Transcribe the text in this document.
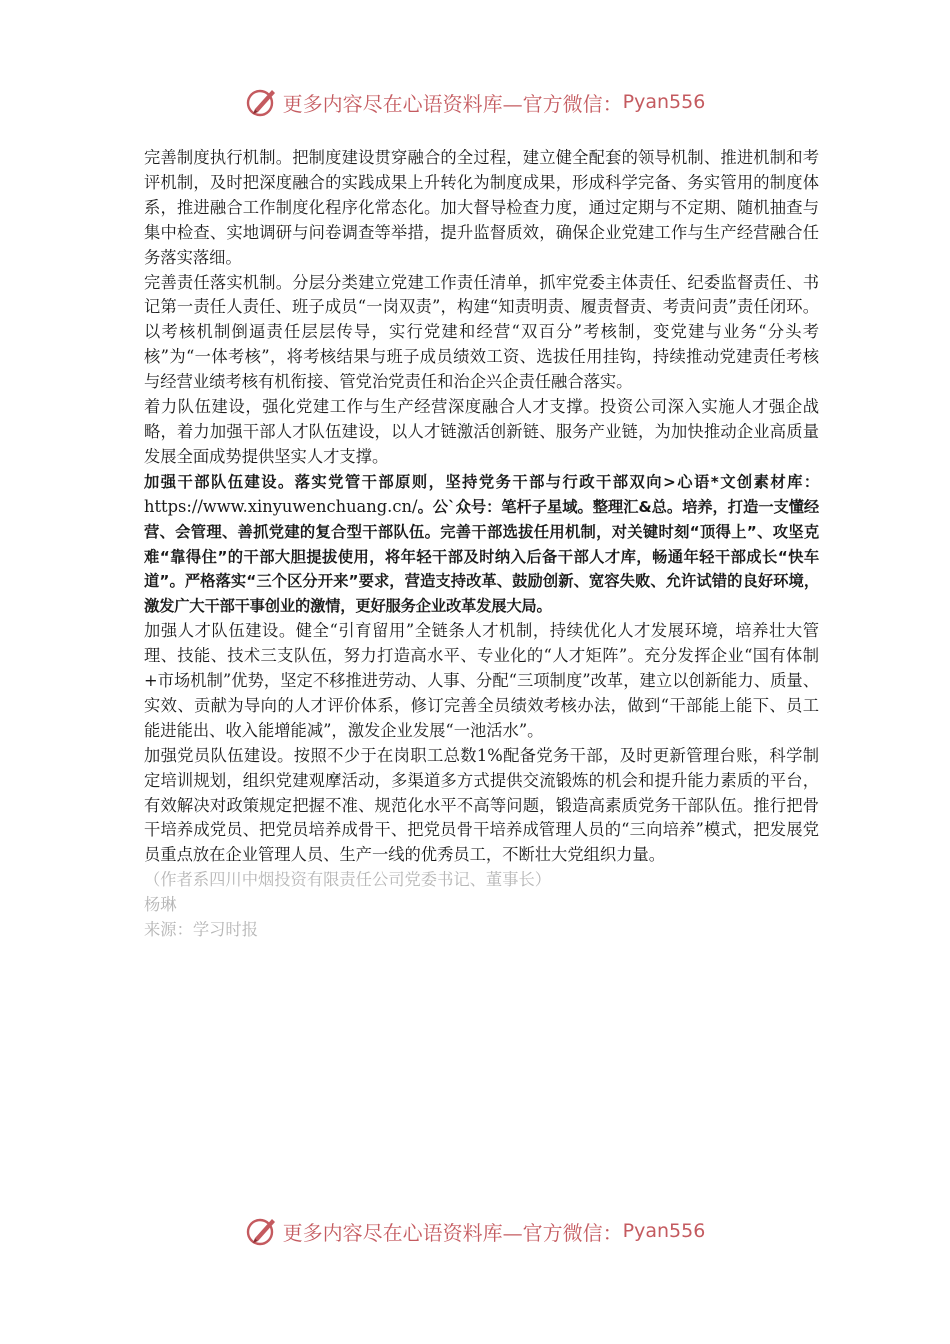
更多内容尽在心语资料库—官方微信： Pyan556

完善制度执行机制。把制度建设贯穿融合的全过程，建立健全配套的领导机制、推进机制和考评机制，及时把深度融合的实践成果上升转化为制度成果，形成科学完备、务实管用的制度体系，推进融合工作制度化程序化常态化。加大督导检查力度，通过定期与不定期、随机抽查与集中检查、实地调研与问卷调查等举措，提升监督质效，确保企业党建工作与生产经营融合任务落实落细。

完善责任落实机制。分层分类建立党建工作责任清单，抓牢党委主体责任、纪委监督责任、书记第一责任人责任、班子成员“一岗双责”，构建“知责明责、履责督责、考责问责”责任闭环。以考核机制倒逼责任层层传导，实行党建和经营“双百分”考核制，变党建与业务“分头考核”为“一体考核”，将考核结果与班子成员绩效工资、选拔任用挂钩，持续推动党建责任考核与经营业绩考核有机衔接、管党治党责任和治企兴企责任融合落实。

着力队伍建设，强化党建工作与生产经营深度融合人才支撑。投资公司深入实施人才强企战略，着力加强干部人才队伍建设，以人才链激活创新链、服务产业链，为加快推动企业高质量发展全面成势提供坚实人才支撑。

加强干部队伍建设。落实党管干部原则，坚持党务干部与行政干部双向>心语*文创素材库：https://www.xinyuwenchuang.cn/。公`众号：笔杆子星域。整理汇&总。培养，打造一支懂经营、会管理、善抓党建的复合型干部队伍。完善干部选拔任用机制，对关键时刻“顶得上”、攻坚克难“靠得住”的干部大胆提拔使用，将年轻干部及时纳入后备干部人才库，畅通年轻干部成长“快车道”。严格落实“三个区分开来”要求，营造支持改革、鼓励创新、宽容失败、允许试错的良好环境，激发广大干部干事创业的激情，更好服务企业改革发展大局。

加强人才队伍建设。健全“引育留用”全链条人才机制，持续优化人才发展环境，培养壮大管理、技能、技术三支队伍，努力打造高水平、专业化的“人才矩阵”。充分发挥企业“国有体制+市场机制”优势，坚定不移推进劳动、人事、分配“三项制度”改革，建立以创新能力、质量、实效、贡献为导向的人才评价体系，修订完善全员绩效考核办法，做到“干部能上能下、员工能进能出、收入能增能减”，激发企业发展“一池活水”。

加强党员队伍建设。按照不少于在岗职工总数1%配备党务干部，及时更新管理台账，科学制定培训规划，组织党建观摩活动，多渠道多方式提供交流锻炼的机会和提升能力素质的平台，有效解决对政策规定把握不准、规范化水平不高等问题，锻造高素质党务干部队伍。推行把骨干培养成党员、把党员培养成骨干、把党员骨干培养成管理人员的“三向培养”模式，把发展党员重点放在企业管理人员、生产一线的优秀员工，不断壮大党组织力量。

（作者系四川中烟投资有限责任公司党委书记、董事长）

杨琳

来源：学习时报

更多内容尽在心语资料库—官方微信： Pyan556
